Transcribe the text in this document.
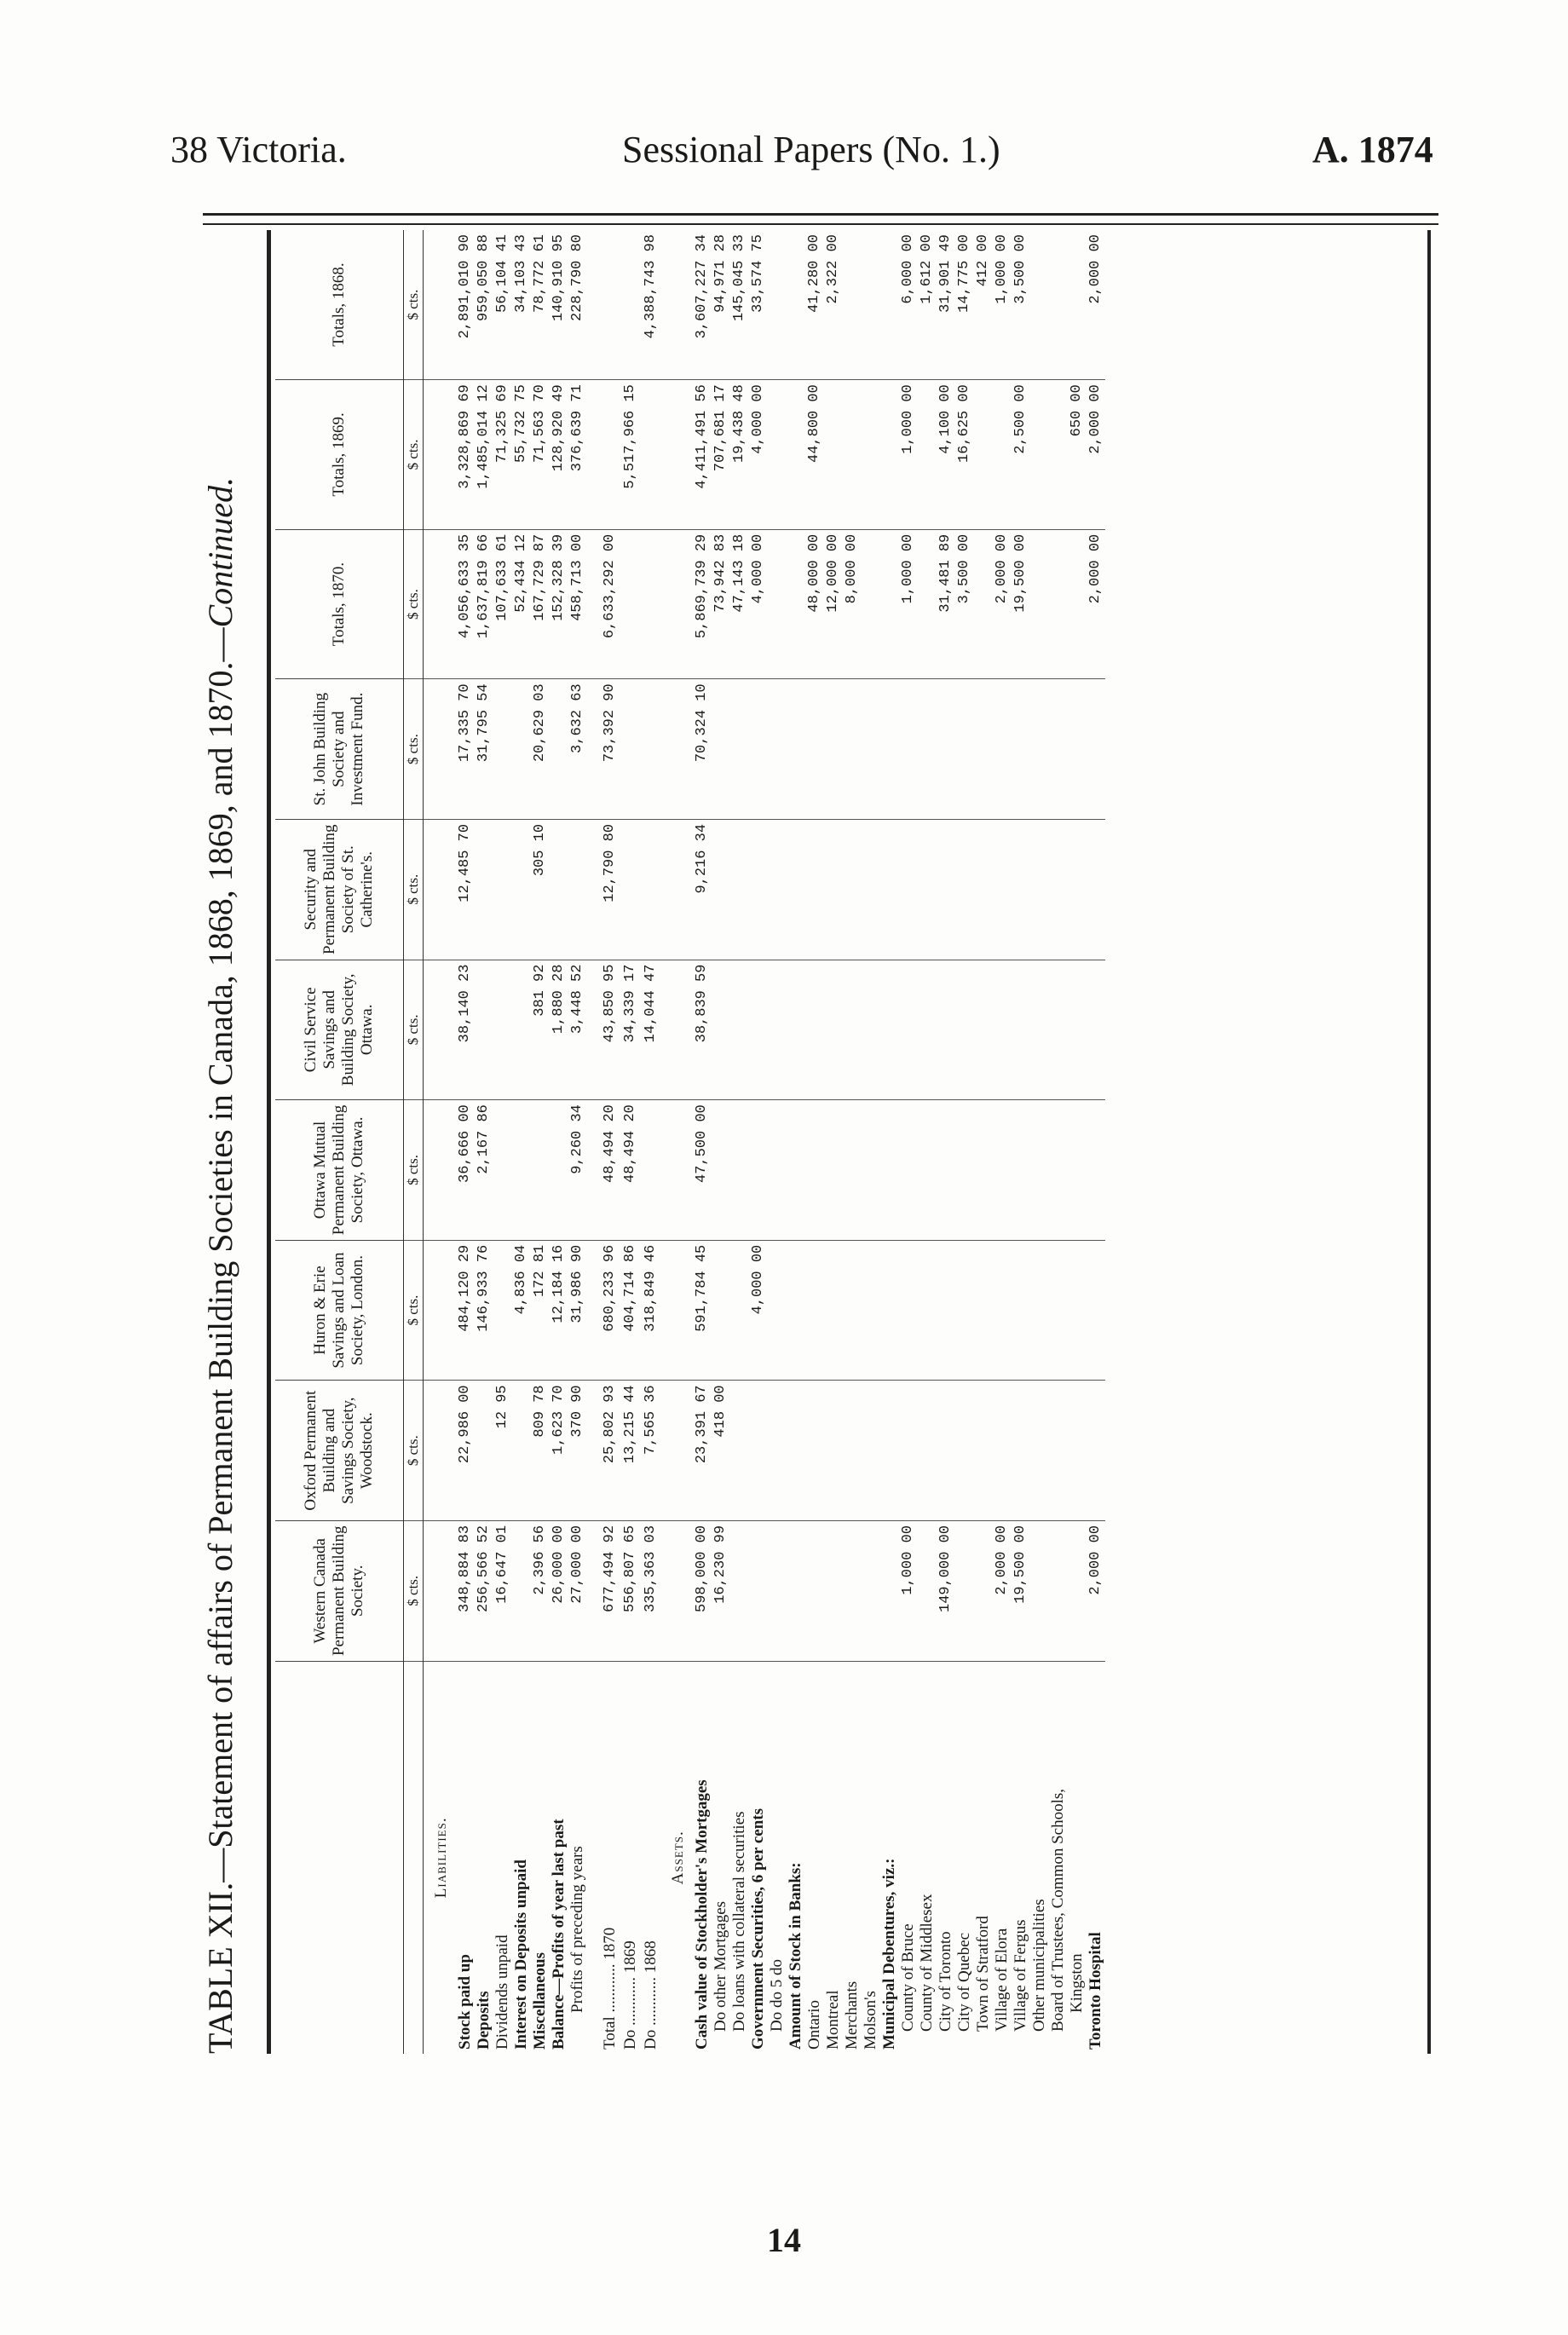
38 Victoria.	Sessional Papers (No. 1.)	A. 1874
TABLE XII.—Statement of affairs of Permanent Building Societies in Canada, 1868, 1869, and 1870.—Continued.
	Western Canada Permanent Building Society.	Oxford Permanent Building and Savings Society, Woodstock.	Huron & Erie Savings and Loan Society, London.	Ottawa Mutual Permanent Building Society, Ottawa.	Civil Service Savings and Building Society, Ottawa.	Security and Permanent Building Society of St. Catherine's.	St. John Building Society and Investment Fund.	Totals, 1870.	Totals, 1869.	Totals, 1868.
	$ cts.	$ cts.	$ cts.	$ cts.	$ cts.	$ cts.	$ cts.	$ cts.	$ cts.	$ cts.
Liabilities.										
Stock paid up	348,884 83	22,986 00	484,120 29	36,666 00	38,140 23	12,485 70	17,335 70	4,056,633 35	3,328,869 69	2,891,010 90
Deposits	256,566 52		146,933 76	2,167 86			31,795 54	1,637,819 66	1,485,014 12	959,050 88
Dividends unpaid	16,647 01	12 95						107,633 61	71,325 69	56,104 41
Interest on Deposits unpaid			4,836 04					52,434 12	55,732 75	34,103 43
Miscellaneous	2,396 56	809 78	172 81		381 92	305 10	20,629 03	167,729 87	71,563 70	78,772 61
Balance—Profits of year last past	26,000 00	1,623 70	12,184 16		1,880 28			152,328 39	128,920 49	140,910 95
Profits of preceding years	27,000 00	370 90	31,986 90	9,260 34	3,448 52		3,632 63	458,713 00	376,639 71	228,790 80

Total ............ 1870	677,494 92	25,802 93	680,233 96	48,494 20	43,850 95	12,790 80	73,392 90	6,633,292 00		
Do ............ 1869	556,807 65	13,215 44	404,714 86	48,494 20	34,339 17				5,517,966 15	
Do ............ 1868	335,363 03	7,565 36	318,849 46		14,044 47					4,388,743 98
Assets.										
Cash value of Stockholder's Mortgages	598,000 00	23,391 67	591,784 45	47,500 00	38,839 59	9,216 34	70,324 10	5,869,739 29	4,411,491 56	3,607,227 34
Do other Mortgages	16,230 99	418 00						73,942 83	707,681 17	94,971 28
Do loans with collateral securities								47,143 18	19,438 48	145,045 33
Government Securities, 6 per cents			4,000 00					4,000 00	4,000 00	33,574 75
Do do 5 do										
Amount of Stock in Banks:										
Ontario								48,000 00	44,800 00	41,280 00
Montreal								12,000 00		2,322 00
Merchants								8,000 00		
Molson's										
Municipal Debentures, viz.:										
County of Bruce	1,000 00							1,000 00	1,000 00	6,000 00
County of Middlesex										1,612 00
City of Toronto	149,000 00							31,481 89	4,100 00	31,901 49
City of Quebec								3,500 00	16,625 00	14,775 00
Town of Stratford										412 00
Village of Elora	2,000 00							2,000 00		1,000 00
Village of Fergus	19,500 00							19,500 00	2,500 00	3,500 00
Other municipalities										
Board of Trustees, Common Schools,										
Kingston									650 00	
Toronto Hospital	2,000 00							2,000 00	2,000 00	2,000 00
14
